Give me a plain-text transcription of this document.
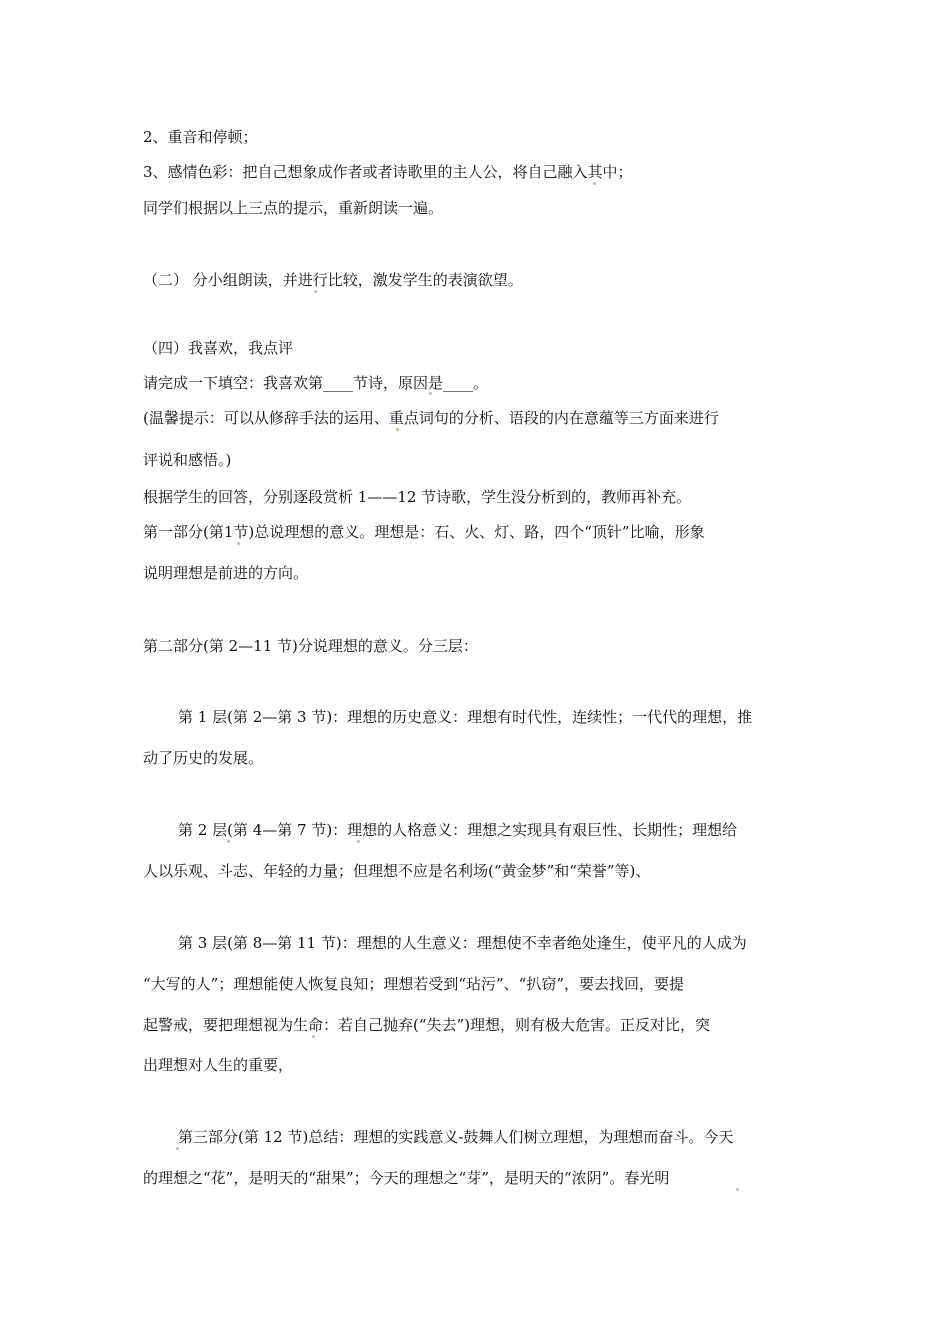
2、重音和停顿；
3、感情色彩：把自己想象成作者或者诗歌里的主人公，将自己融入其中；
同学们根据以上三点的提示，重新朗读一遍。
（二） 分小组朗读，并进行比较，激发学生的表演欲望。
（四）我喜欢，我点评
请完成一下填空：我喜欢第____节诗，原因是____。
(温馨提示：可以从修辞手法的运用、重点词句的分析、语段的内在意蕴等三方面来进行
评说和感悟。)
根据学生的回答，分别逐段赏析 1——12 节诗歌，学生没分析到的，教师再补充。
第一部分(第1节)总说理想的意义。理想是：石、火、灯、路，四个“顶针”比喻，形象
说明理想是前进的方向。
第二部分(第 2—11 节)分说理想的意义。分三层：
第 1 层(第 2—第 3 节)：理想的历史意义：理想有时代性，连续性；一代代的理想，推
动了历史的发展。
第 2 层(第 4—第 7 节)：理想的人格意义：理想之实现具有艰巨性、长期性；理想给
人以乐观、斗志、年轻的力量；但理想不应是名利场(“黄金梦”和“荣誉”等)、
第 3 层(第 8—第 11 节)：理想的人生意义：理想使不幸者绝处逢生，使平凡的人成为
“大写的人”；理想能使人恢复良知；理想若受到“玷污”、“扒窃”，要去找回，要提
起警戒，要把理想视为生命：若自己抛弃(“失去”)理想，则有极大危害。正反对比，突
出理想对人生的重要，
第三部分(第 12 节)总结：理想的实践意义-鼓舞人们树立理想，为理想而奋斗。今天
的理想之“花”，是明天的“甜果”；今天的理想之“芽”，是明天的“浓阴”。春光明
